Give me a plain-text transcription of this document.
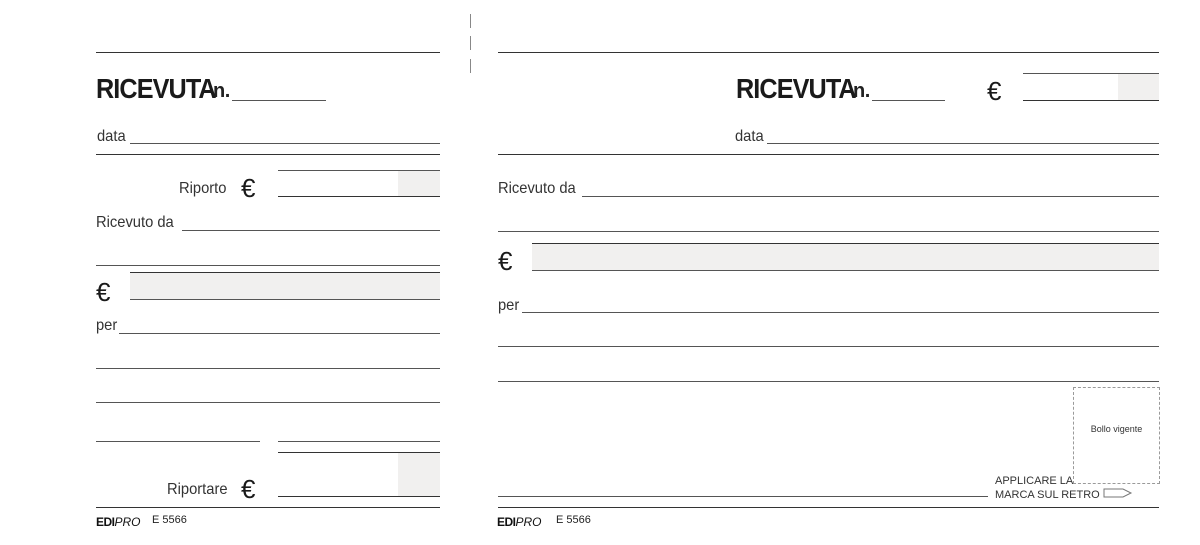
RICEVUTA
n.
data
Riporto €
Ricevuto da
€
per
Riportare €
EDIPRO E 5566
RICEVUTA
n.	€
data
Ricevuto da
€
per
Bollo vigente
APPLICARE LA
MARCA SUL RETRO
EDIPRO E 5566
